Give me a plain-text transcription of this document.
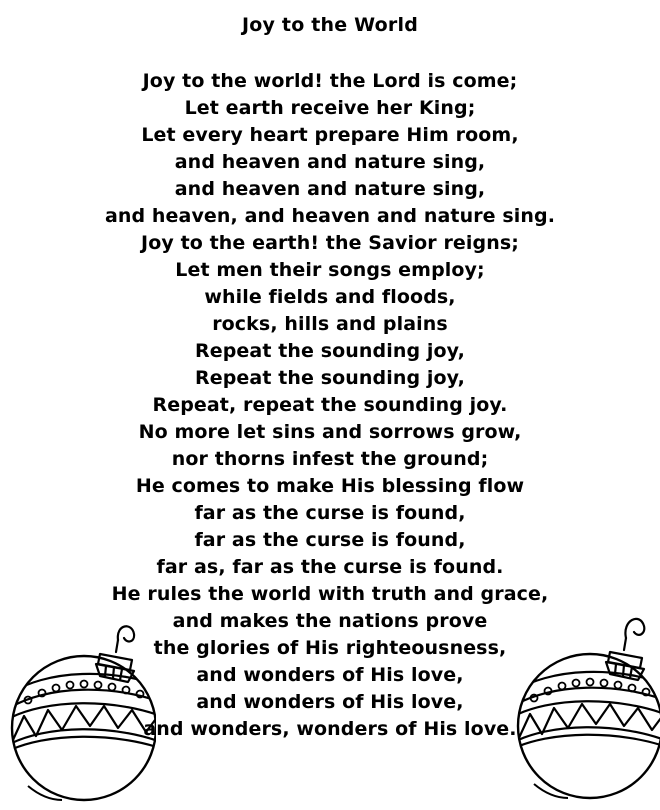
Joy to the World
Joy to the world! the Lord is come;
Let earth receive her King;
Let every heart prepare Him room,
and heaven and nature sing,
and heaven and nature sing,
and heaven, and heaven and nature sing.
Joy to the earth! the Savior reigns;
Let men their songs employ;
while fields and floods,
rocks, hills and plains
Repeat the sounding joy,
Repeat the sounding joy,
Repeat, repeat the sounding joy.
No more let sins and sorrows grow,
nor thorns infest the ground;
He comes to make His blessing flow
far as the curse is found,
far as the curse is found,
far as, far as the curse is found.
He rules the world with truth and grace,
and makes the nations prove
the glories of His righteousness,
and wonders of His love,
and wonders of His love,
and wonders, wonders of His love.
